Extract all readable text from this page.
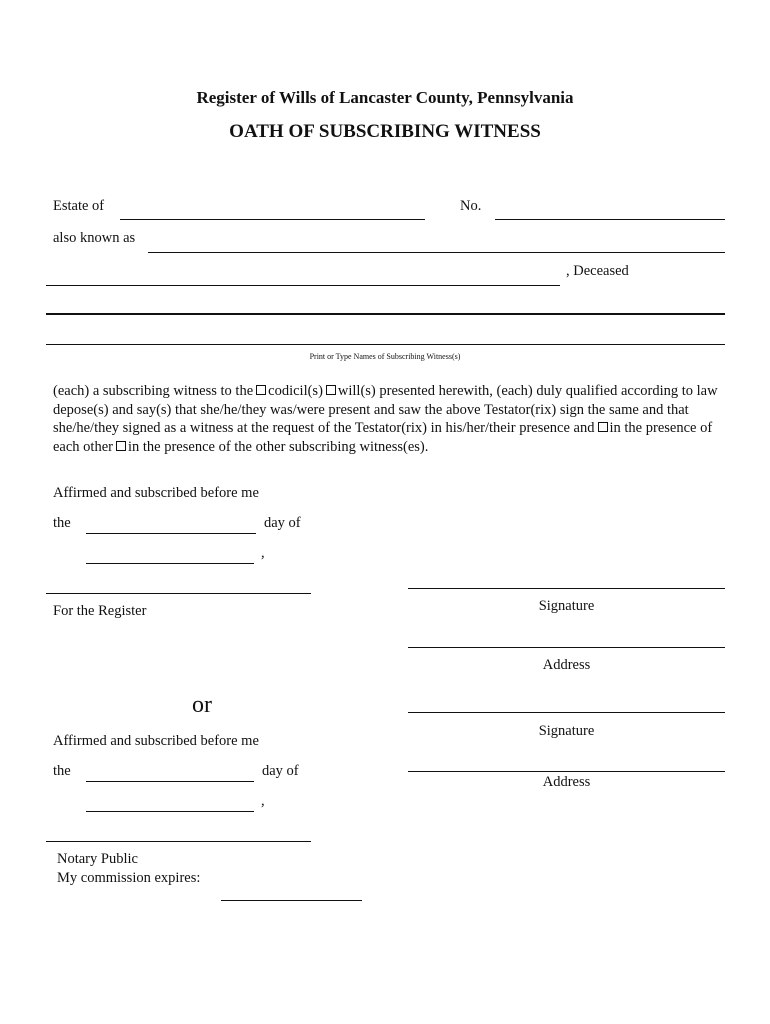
Register of Wills of Lancaster County, Pennsylvania
OATH OF SUBSCRIBING WITNESS
Estate of	No.
also known as
, Deceased
Print or Type Names of Subscribing Witness(s)
(each) a subscribing witness to the codicil(s) will(s) presented herewith, (each) duly qualified according to law depose(s) and say(s) that she/he/they was/were present and saw the above Testator(rix) sign the same and that she/he/they signed as a witness at the request of the Testator(rix) in his/her/their presence and in the presence of each other in the presence of the other subscribing witness(es).
Affirmed and subscribed before me
the	day of
,
For the Register	Signature
Address
or
Signature
Address
Affirmed and subscribed before me
the	day of
,
Notary Public
My commission expires:
